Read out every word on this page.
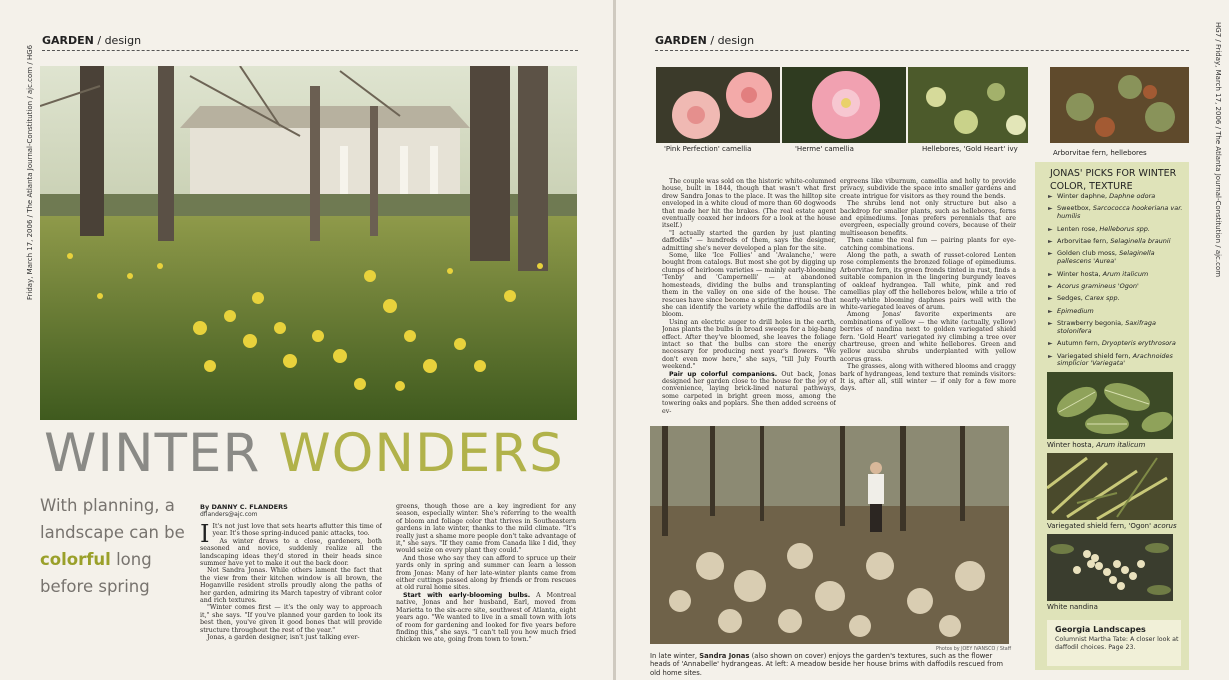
Friday, March 17, 2006 / The Atlanta Journal-Constitution / ajc.com / HG6	HG7 / Friday, March 17, 2006 / The Atlanta Journal-Constitution / ajc.com
GARDEN / design	GARDEN / design
WINTER WONDERS
With planning, a landscape can be colorful long before spring
By DANNY C. FLANDERS
dflanders@ajc.com

I It's not just love that sets hearts aflutter this time of year. It's those spring-induced panic attacks, too.

As winter draws to a close, gardeners, both seasoned and novice, suddenly realize all the landscaping ideas they'd stored in their heads since summer have yet to make it out the back door.

Not Sandra Jonas. While others lament the fact that the view from their kitchen window is all brown, the Hoganville resident strolls proudly along the paths of her garden, admiring its March tapestry of vibrant color and rich textures.

"Winter comes first — it's the only way to approach it," she says. "If you've planned your garden to look its best then, you've given it good bones that will provide structure throughout the rest of the year."

Jonas, a garden designer, isn't just talking ever-

greens, though those are a key ingredient for any season, especially winter. She's referring to the wealth of bloom and foliage color that thrives in Southeastern gardens in late winter, thanks to the mild climate. "It's really just a shame more people don't take advantage of it," she says. "If they came from Canada like I did, they would seize on every plant they could."

And those who say they can afford to spruce up their yards only in spring and summer can learn a lesson from Jonas: Many of her late-winter plants came from either cuttings passed along by friends or from rescues at old rural home sites.

Start with early-blooming bulbs. A Montreal native, Jonas and her husband, Earl, moved from Marietta to the six-acre site, southwest of Atlanta, eight years ago. "We wanted to live in a small town with lots of room for gardening and looked for five years before finding this," she says. "I can't tell you how much fried chicken we ate, going from town to town."

'Pink Perfection' camellia	'Herme' camellia	Hellebores, 'Gold Heart' ivy	Arborvitae fern, hellebores

The couple was sold on the historic white-columned house, built in 1844, though that wasn't what first drew Sandra Jonas to the place. It was the hilltop site enveloped in a white cloud of more than 60 dogwoods that made her hit the brakes. (The real estate agent eventually coaxed her indoors for a look at the house itself.)

"I actually started the garden by just planting daffodils" — hundreds of them, says the designer, admitting she's never developed a plan for the site.

Some, like 'Ice Follies' and 'Avalanche,' were bought from catalogs. But most she got by digging up clumps of heirloom varieties — mainly early-blooming 'Tenby' and 'Campernelli' — at abandoned homesteads, dividing the bulbs and transplanting them in the valley on one side of the house. The rescues have since become a springtime ritual so that she can identify the variety while the daffodils are in bloom.

Using an electric auger to drill holes in the earth, Jonas plants the bulbs in broad sweeps for a big-bang effect. After they've bloomed, she leaves the foliage intact so that the bulbs can store the energy necessary for producing next year's flowers. "We don't even mow here," she says, "till July Fourth weekend."

Pair up colorful companions. Out back, Jonas designed her garden close to the house for the joy of convenience, laying brick-lined natural pathways, some carpeted in bright green moss, among the towering oaks and poplars. She then added screens of ev-

ergreens like viburnum, camellia and holly to provide privacy, subdivide the space into smaller gardens and create intrigue for visitors as they round the bends.

The shrubs lend not only structure but also a backdrop for smaller plants, such as hellebores, ferns and epimediums. Jonas prefers perennials that are evergreen, especially ground covers, because of their multiseason benefits.

Then came the real fun — pairing plants for eye-catching combinations.

Along the path, a swath of russet-colored Lenten rose complements the bronzed foliage of epimediums. Arborvitae fern, its green fronds tinted in rust, finds a suitable companion in the lingering burgundy leaves of oakleaf hydrangea. Tall white, pink and red camellias play off the hellebores below, while a trio of nearly-white blooming daphnes pairs well with the white-variegated leaves of arum.

Among Jonas' favorite experiments are combinations of yellow — the white (actually, yellow) berries of nandina next to golden variegated shield fern. 'Gold Heart' variegated ivy climbing a tree over chartreuse, green and white hellebores. Green and yellow aucuba shrubs underplanted with yellow acorus grass.

The grasses, along with withered blooms and craggy bark of hydrangeas, lend texture that reminds visitors: It is, after all, still winter — if only for a few more days.

Photos by JOEY IVANSCO / Staff
In late winter, Sandra Jonas (also shown on cover) enjoys the garden's textures, such as the flower heads of 'Annabelle' hydrangeas. At left: A meadow beside her house brims with daffodils rescued from old home sites.
JONAS' PICKS FOR WINTER COLOR, TEXTURE
► Winter daphne, Daphne odora
► Sweetbox, Sarcococca hookeriana var. humilis
► Lenten rose, Helleborus spp.
► Arborvitae fern, Selaginella braunii
► Golden club moss, Selaginella pallescens 'Aurea'
► Winter hosta, Arum italicum
► Acorus gramineus 'Ogon'
► Sedges, Carex spp.
► Epimedium
► Strawberry begonia, Saxifraga stolonifera
► Autumn fern, Dryopteris erythrosora
► Variegated shield fern, Arachnoides simplicior 'Variegata'
Winter hosta, Arum italicum
Variegated shield fern, 'Ogon' acorus
White nandina
Georgia Landscapes
Columnist Martha Tate: A closer look at daffodil choices. Page 23.
